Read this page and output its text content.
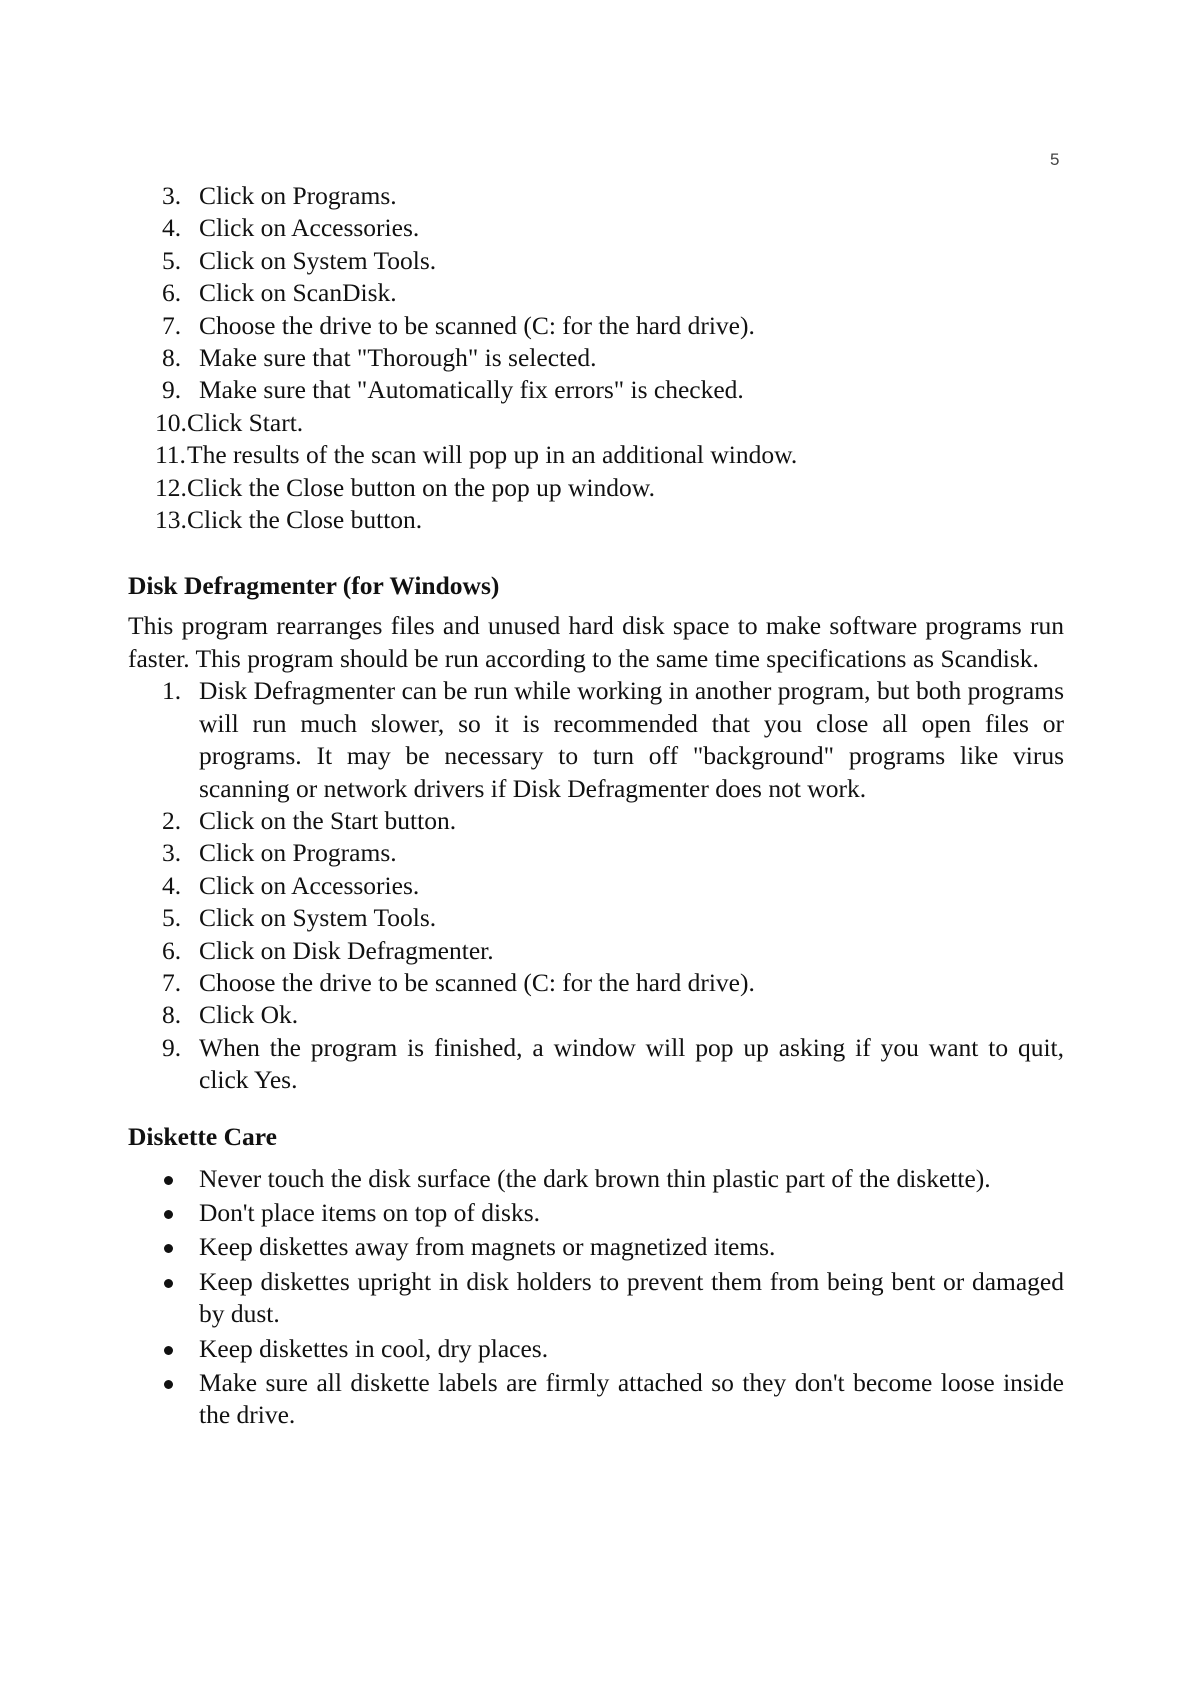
5
3. Click on Programs.
4. Click on Accessories.
5. Click on System Tools.
6. Click on ScanDisk.
7. Choose the drive to be scanned (C: for the hard drive).
8. Make sure that "Thorough" is selected.
9. Make sure that "Automatically fix errors" is checked.
10. Click Start.
11. The results of the scan will pop up in an additional window.
12. Click the Close button on the pop up window.
13. Click the Close button.
Disk Defragmenter (for Windows)

This program rearranges files and unused hard disk space to make software programs run faster. This program should be run according to the same time specifications as Scandisk.

1. Disk Defragmenter can be run while working in another program, but both programs will run much slower, so it is recommended that you close all open files or programs. It may be necessary to turn off "background" programs like virus scanning or network drivers if Disk Defragmenter does not work.
2. Click on the Start button.
3. Click on Programs.
4. Click on Accessories.
5. Click on System Tools.
6. Click on Disk Defragmenter.
7. Choose the drive to be scanned (C: for the hard drive).
8. Click Ok.
9. When the program is finished, a window will pop up asking if you want to quit, click Yes.
Diskette Care
Never touch the disk surface (the dark brown thin plastic part of the diskette).
Don't place items on top of disks.
Keep diskettes away from magnets or magnetized items.
Keep diskettes upright in disk holders to prevent them from being bent or damaged by dust.
Keep diskettes in cool, dry places.
Make sure all diskette labels are firmly attached so they don't become loose inside the drive.
